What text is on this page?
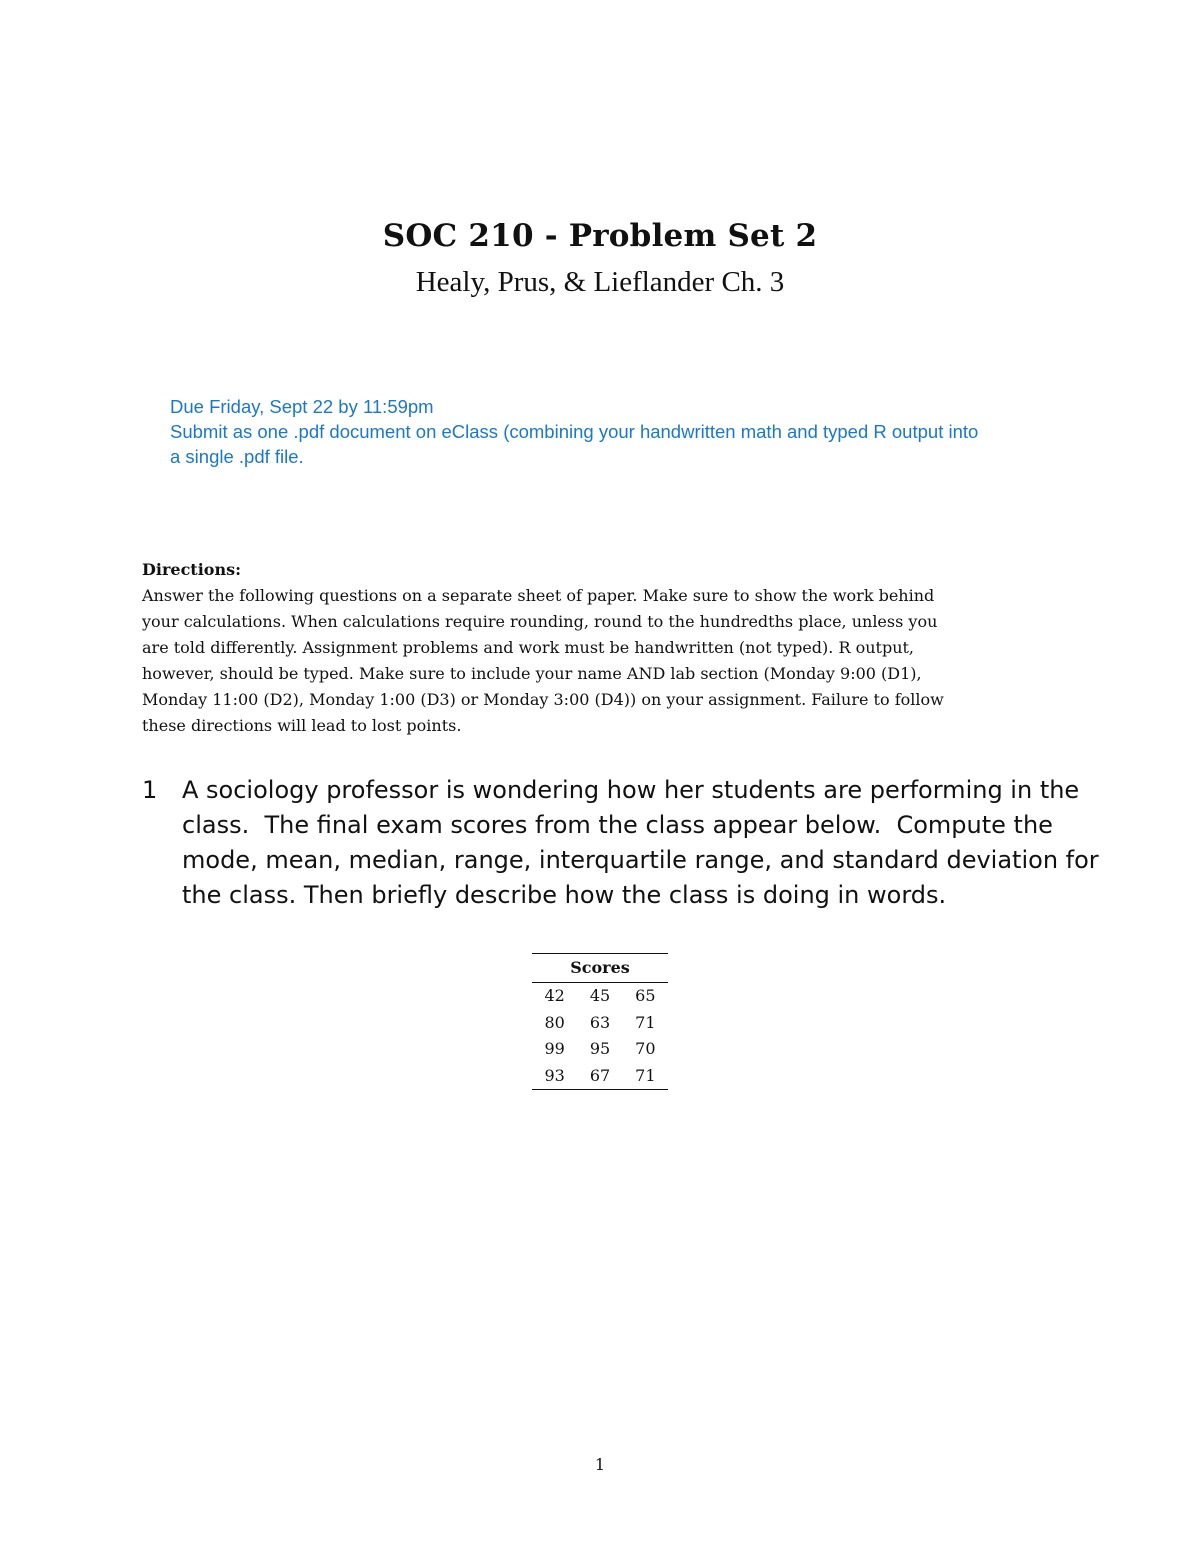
SOC 210 - Problem Set 2
Healy, Prus, & Lieflander Ch. 3
Due Friday, Sept 22 by 11:59pm
Submit as one .pdf document on eClass (combining your handwritten math and typed R output into
a single .pdf file.
Directions:
Answer the following questions on a separate sheet of paper. Make sure to show the work behind
your calculations. When calculations require rounding, round to the hundredths place, unless you
are told differently. Assignment problems and work must be handwritten (not typed). R output,
however, should be typed. Make sure to include your name AND lab section (Monday 9:00 (D1),
Monday 11:00 (D2), Monday 1:00 (D3) or Monday 3:00 (D4)) on your assignment. Failure to follow
these directions will lead to lost points.
1 A sociology professor is wondering how her students are performing in the
class.  The final exam scores from the class appear below.  Compute the
mode, mean, median, range, interquartile range, and standard deviation for
the class. Then briefly describe how the class is doing in words.
Scores
42	45	65
80	63	71
99	95	70
93	67	71
1
